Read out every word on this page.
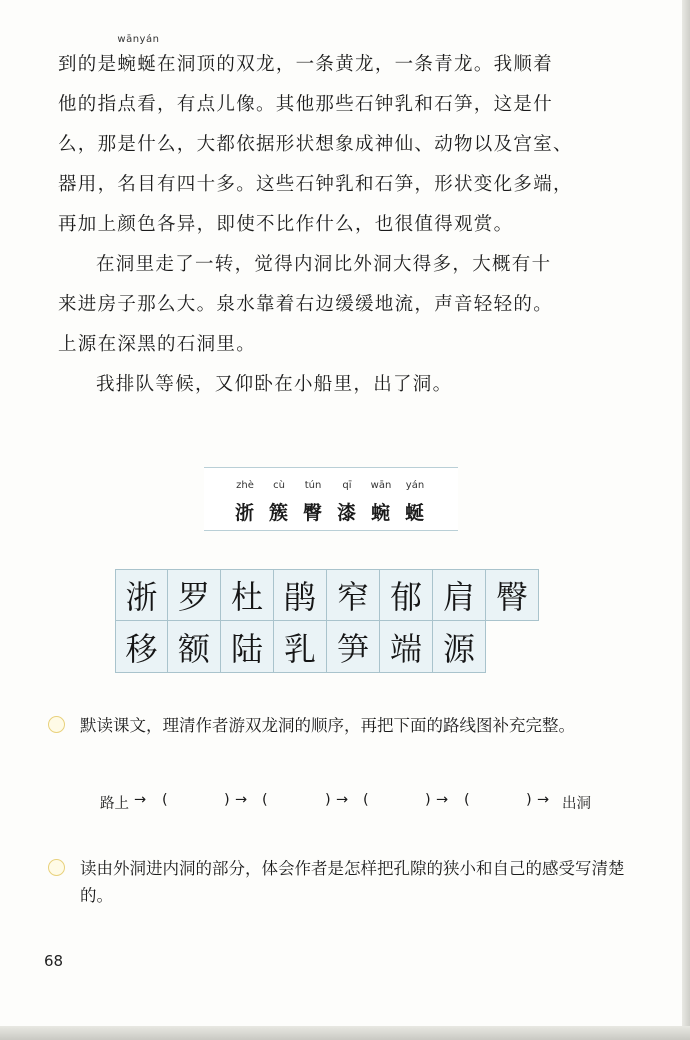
到的是
wānyán
蜿蜒 在洞顶的双龙，一条黄龙，一条青龙。我顺着
他的指点看，有点儿像。其他那些石钟乳和石笋，这是什
么，那是什么，大都依据形状想象成神仙、动物以及宫室、
器用，名目有四十多。这些石钟乳和石笋，形状变化多端，
再加上颜色各异，即使不比作什么，也很值得观赏。
在洞里走了一转，觉得内洞比外洞大得多，大概有十
来进房子那么大。泉水靠着右边缓缓地流，声音轻轻的。
上源在深黑的石洞里。
我排队等候，又仰卧在小船里，出了洞。
zhè	cù	tún	qī	wān	yán
浙 簇 臀 漆 蜿 蜒
浙 罗 杜 鹃 窄 郁 肩 臀
移 额 陆 乳 笋 端 源
默读课文，理清作者游双龙洞的顺序，再把下面的路线图补充完整。
路上 → (	) → (	) → (	) → (	) → 出洞
读由外洞进内洞的部分，体会作者是怎样把孔隙的狭小和自己的感受写清楚的。
68
